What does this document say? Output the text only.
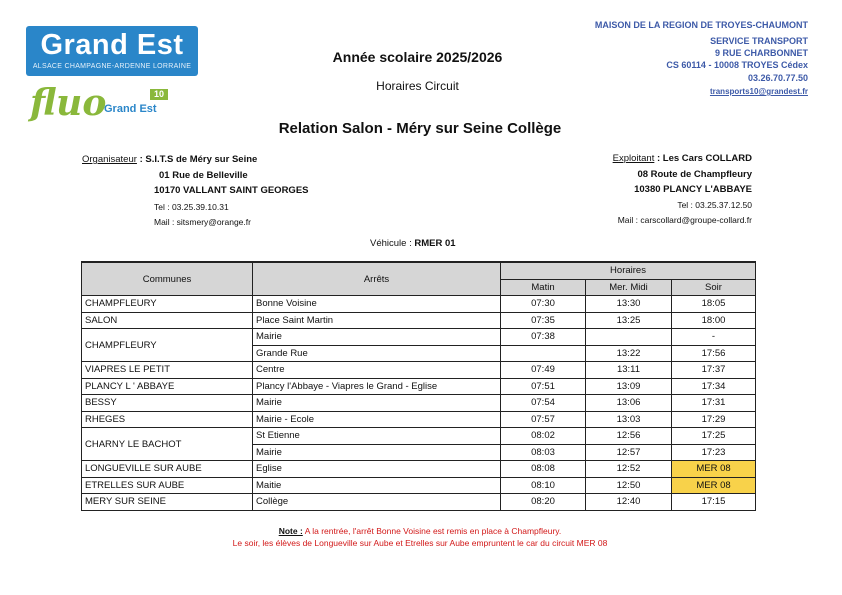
Grand Est
ALSACE CHAMPAGNE-ARDENNE LORRAINE
fluo	10
Grand Est
Année scolaire 2025/2026
Horaires Circuit
Relation Salon - Méry sur Seine Collège
MAISON DE LA REGION DE TROYES-CHAUMONT
SERVICE TRANSPORT
9 RUE CHARBONNET
CS 60114 - 10008 TROYES Cédex
03.26.70.77.50
transports10@grandest.fr
Organisateur : S.I.T.S de Méry sur Seine
01 Rue de Belleville
10170 VALLANT SAINT GEORGES
Tel : 03.25.39.10.31
Mail : sitsmery@orange.fr
Exploitant : Les Cars COLLARD
08 Route de Champfleury
10380 PLANCY L'ABBAYE
Tel : 03.25.37.12.50
Mail : carscollard@groupe-collard.fr
Véhicule : RMER 01
Communes	Arrêts	Horaires		
		Matin	Mer. Midi	Soir
CHAMPFLEURY	Bonne Voisine	07:30	13:30	18:05
SALON	Place Saint Martin	07:35	13:25	18:00
CHAMPFLEURY	Mairie	07:38		-
	Grande Rue		13:22	17:56
VIAPRES LE PETIT	Centre	07:49	13:11	17:37
PLANCY L ' ABBAYE	Plancy l'Abbaye - Viapres le Grand - Eglise	07:51	13:09	17:34
BESSY	Mairie	07:54	13:06	17:31
RHEGES	Mairie - Ecole	07:57	13:03	17:29
CHARNY LE BACHOT	St Etienne	08:02	12:56	17:25
	Mairie	08:03	12:57	17:23
LONGUEVILLE SUR AUBE	Eglise	08:08	12:52	MER 08
ETRELLES SUR AUBE	Maitie	08:10	12:50	MER 08
MERY SUR SEINE	Collège	08:20	12:40	17:15
Note : A la rentrée, l'arrêt Bonne Voisine est remis en place à Champfleury.
Le soir, les élèves de Longueville sur Aube et Etrelles sur Aube empruntent le car du circuit MER 08
